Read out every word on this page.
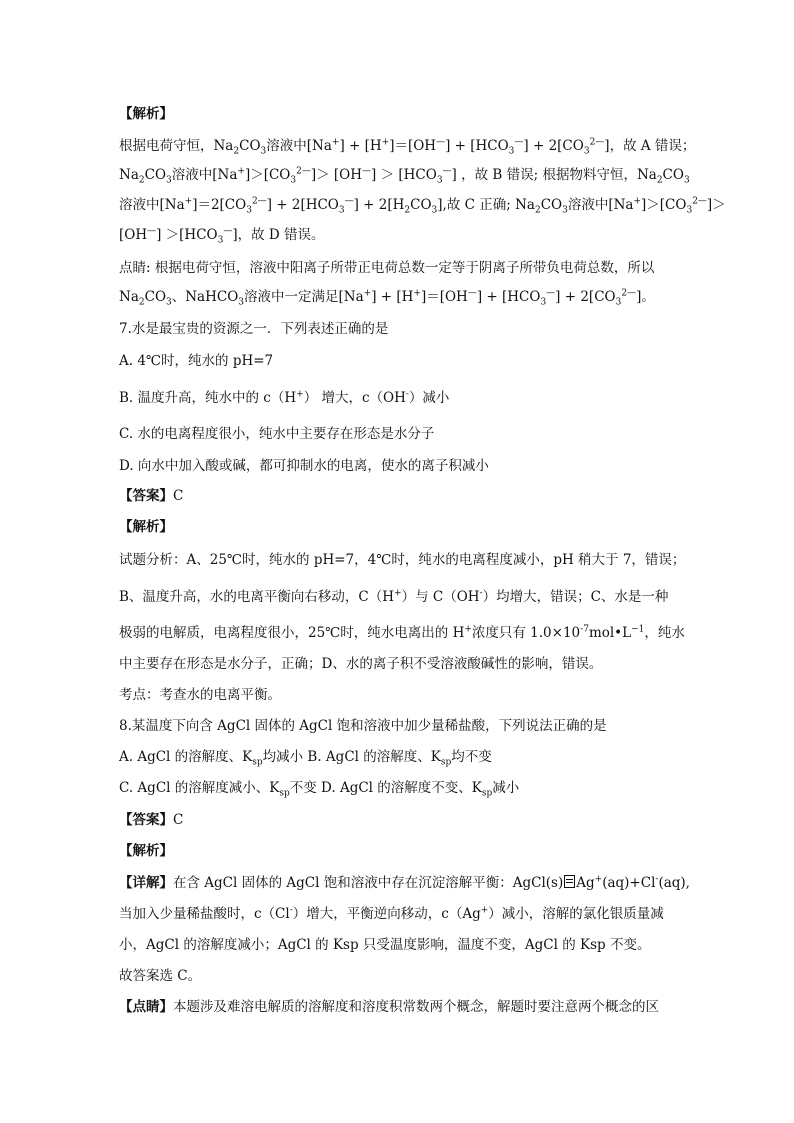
【解析】
根据电荷守恒，$Na_2CO_3$溶液中$[Na^+] + [H^+]=[OH^—] + [HCO_3^—] + 2[CO_3^{2—}]$，故 A 错误；
$Na_2CO_3$溶液中$[Na^+]>[CO_3^{2—}]> [OH^—] > [HCO_3^—]$ ，故 B 错误; 根据物料守恒，$Na_2CO_3$
溶液中$[Na^+]=2[CO_3^{2—}] + 2[HCO_3^—] + 2[H_2CO_3]$,故 C 正确; $Na_2CO_3$溶液中$[Na^+]>[CO_3^{2—}]>$
$[OH^—] >[HCO_3^—]$，故 D 错误。
点睛: 根据电荷守恒，溶液中阳离子所带正电荷总数一定等于阴离子所带负电荷总数，所以
$Na_2CO_3$、NaHCO$_3$溶液中一定满足$[Na^+] + [H^+]=[OH^—] + [HCO_3^—] + 2[CO_3^{2—}]$。
7.水是最宝贵的资源之一．下列表述正确的是
A. 4℃时，纯水的 pH=7
B. 温度升高，纯水中的 c（H+） 增大，c（OH-）减小
C. 水的电离程度很小，纯水中主要存在形态是水分子
D. 向水中加入酸或碱，都可抑制水的电离，使水的离子积减小
【答案】C
【解析】
试题分析：A、25℃时，纯水的 pH=7，4℃时，纯水的电离程度减小，pH 稍大于 7，错误；
B、温度升高，水的电离平衡向右移动，C（H+）与 C（OH-）均增大，错误；C、水是一种
极弱的电解质，电离程度很小，25℃时，纯水电离出的 H+浓度只有 $1.0\times 10^{-7}mol•L^{-1}$，纯水
中主要存在形态是水分子，正确；D、水的离子积不受溶液酸碱性的影响，错误。
考点：考查水的电离平衡。
8.某温度下向含 AgCl 固体的 AgCl 饱和溶液中加少量稀盐酸，下列说法正确的是
A. AgCl 的溶解度、$K_{sp}$均减小 B. AgCl 的溶解度、$K_{sp}$均不变
C. AgCl 的溶解度减小、$K_{sp}$不变 D. AgCl 的溶解度不变、$K_{sp}$减小
【答案】C
【解析】
【详解】在含 AgCl 固体的 AgCl 饱和溶液中存在沉淀溶解平衡：AgCl(s) Ag+(aq)+Cl-(aq),
当加入少量稀盐酸时，c（Cl-）增大，平衡逆向移动，c（Ag+）减小，溶解的氯化银质量减
小，AgCl 的溶解度减小；AgCl 的 Ksp 只受温度影响，温度不变，AgCl 的 Ksp 不变。
故答案选 C。
【点睛】本题涉及难溶电解质的溶解度和溶度积常数两个概念，解题时要注意两个概念的区
